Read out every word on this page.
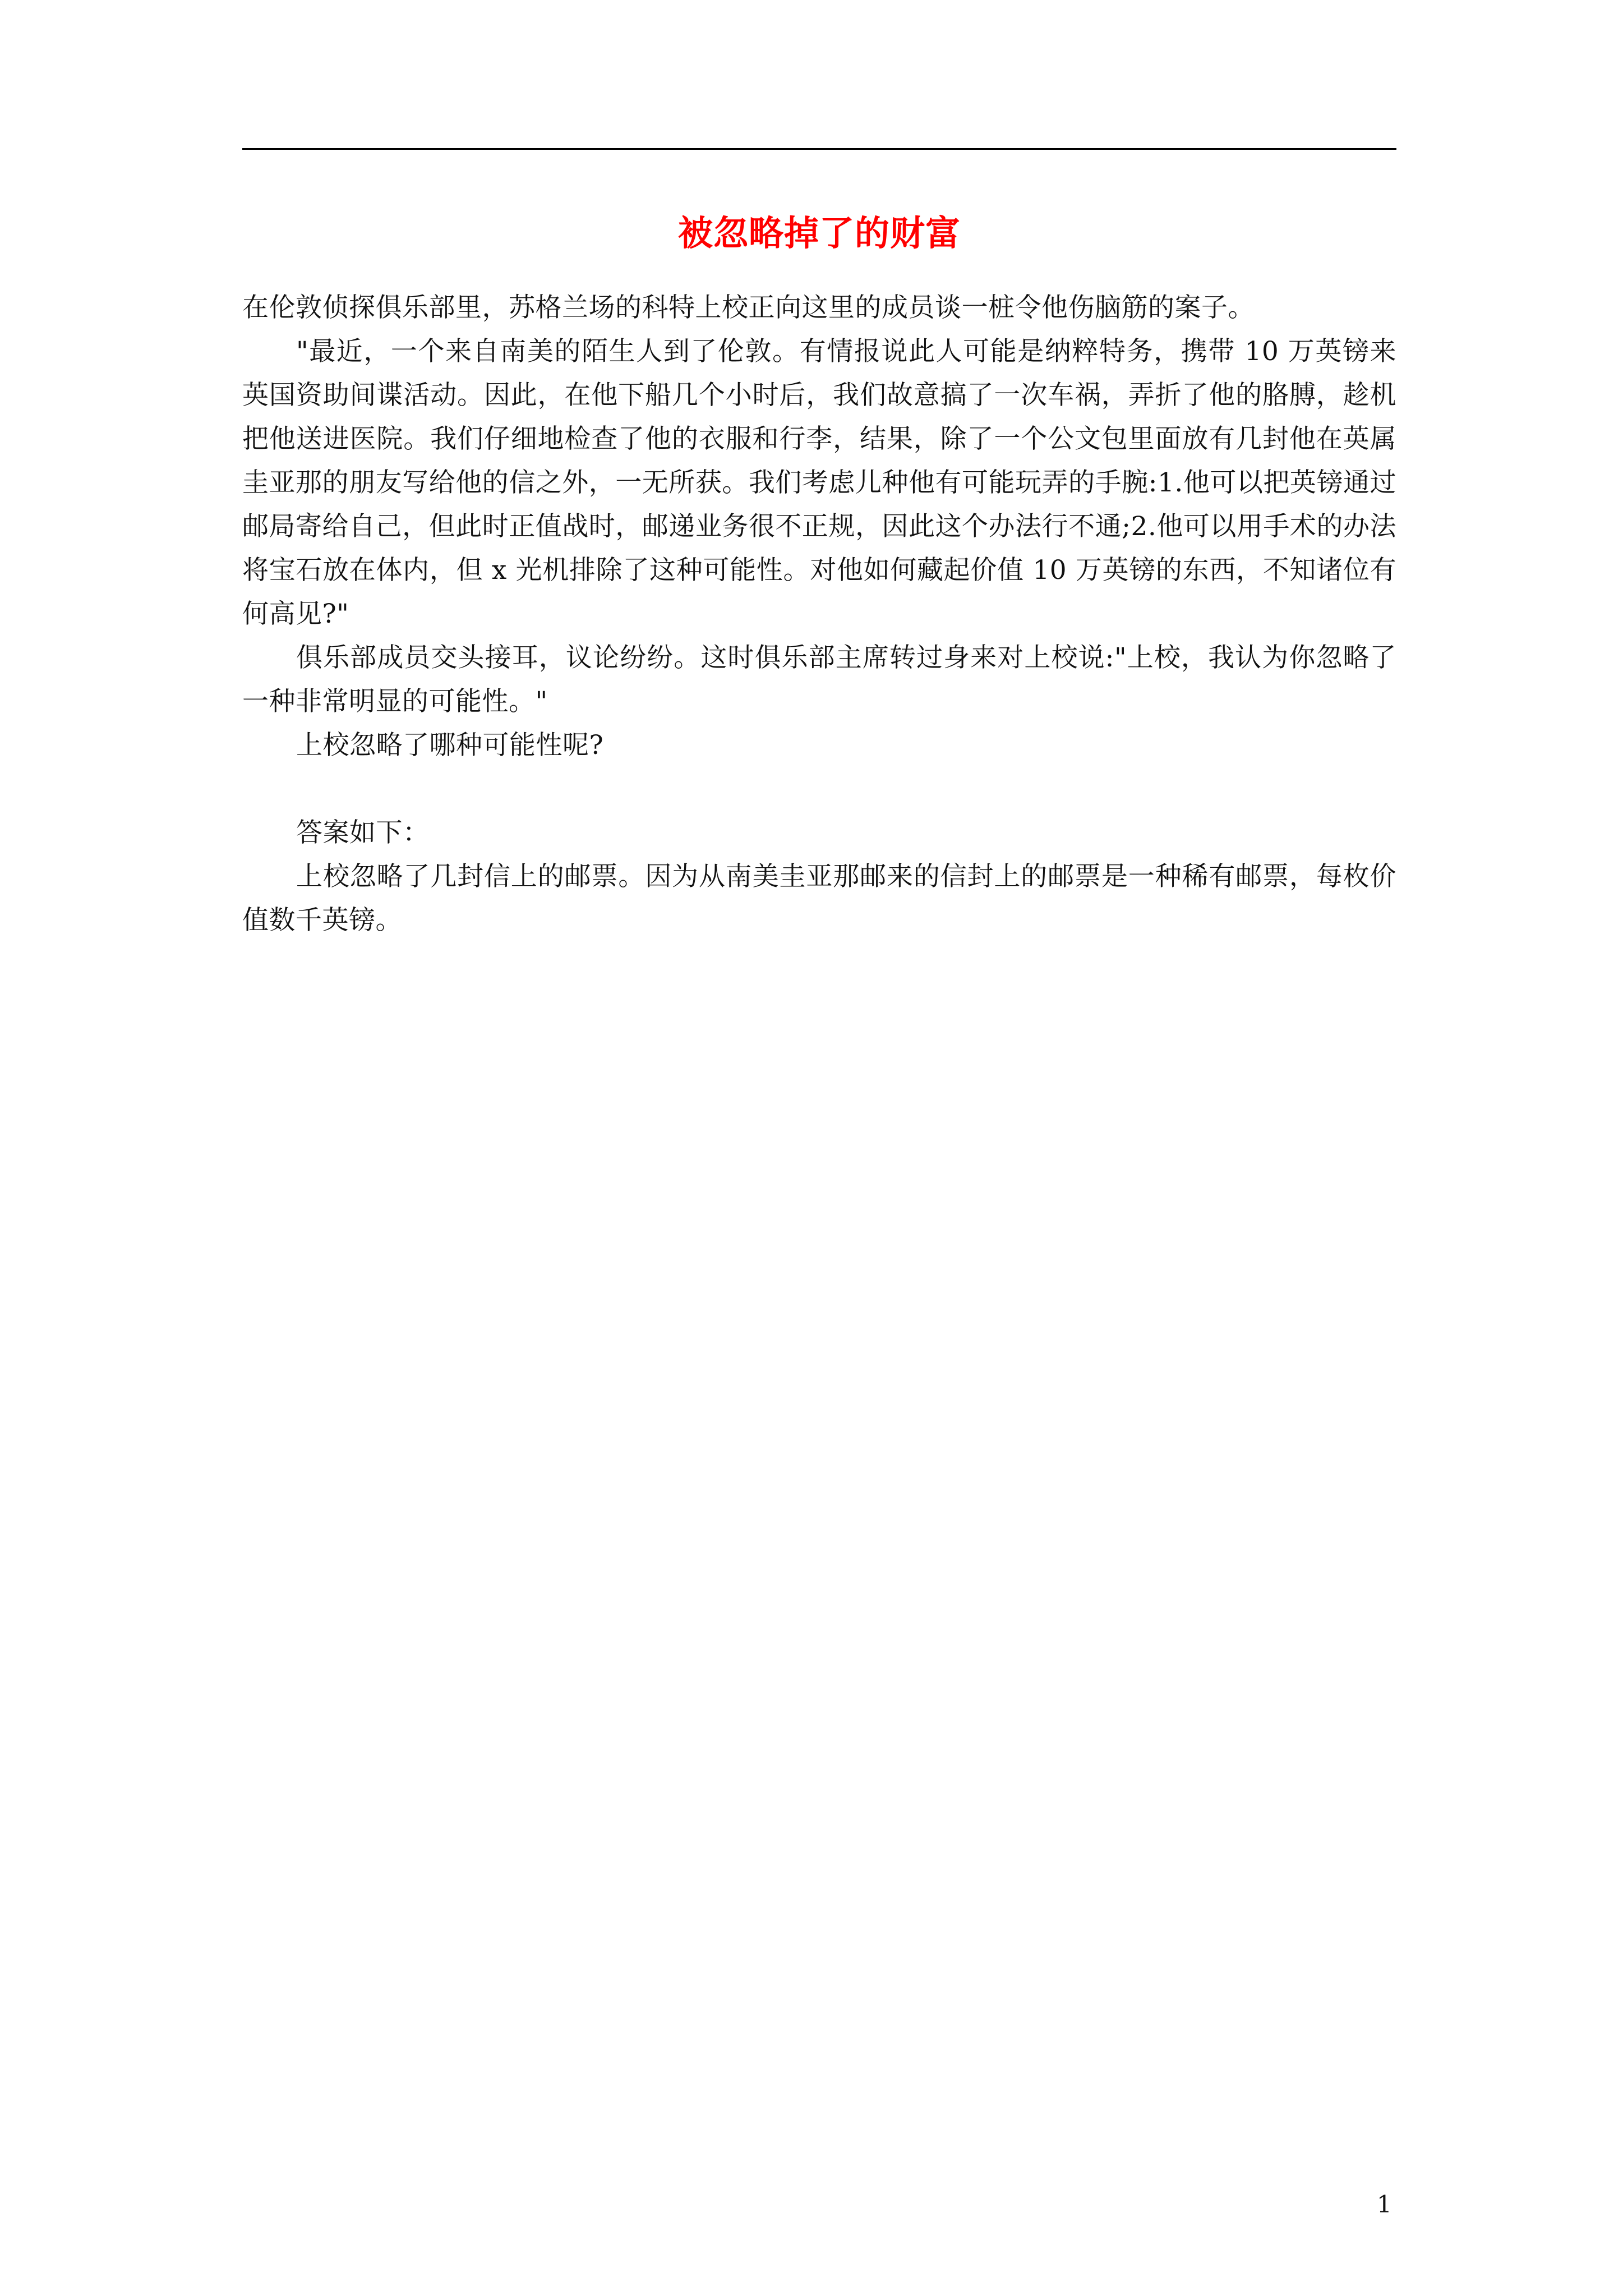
被忽略掉了的财富

在伦敦侦探俱乐部里，苏格兰场的科特上校正向这里的成员谈一桩令他伤脑筋的案子。

"最近，一个来自南美的陌生人到了伦敦。有情报说此人可能是纳粹特务，携带 10 万英镑来英国资助间谍活动。因此，在他下船几个小时后，我们故意搞了一次车祸，弄折了他的胳膊，趁机把他送进医院。我们仔细地检查了他的衣服和行李，结果，除了一个公文包里面放有几封他在英属圭亚那的朋友写给他的信之外，一无所获。我们考虑儿种他有可能玩弄的手腕:1.他可以把英镑通过邮局寄给自己，但此时正值战时，邮递业务很不正规，因此这个办法行不通;2.他可以用手术的办法将宝石放在体内，但 x 光机排除了这种可能性。对他如何藏起价值 10 万英镑的东西，不知诸位有何高见?"

俱乐部成员交头接耳，议论纷纷。这时俱乐部主席转过身来对上校说:"上校，我认为你忽略了一种非常明显的可能性。"

上校忽略了哪种可能性呢?

答案如下：

上校忽略了几封信上的邮票。因为从南美圭亚那邮来的信封上的邮票是一种稀有邮票，每枚价值数千英镑。

1
